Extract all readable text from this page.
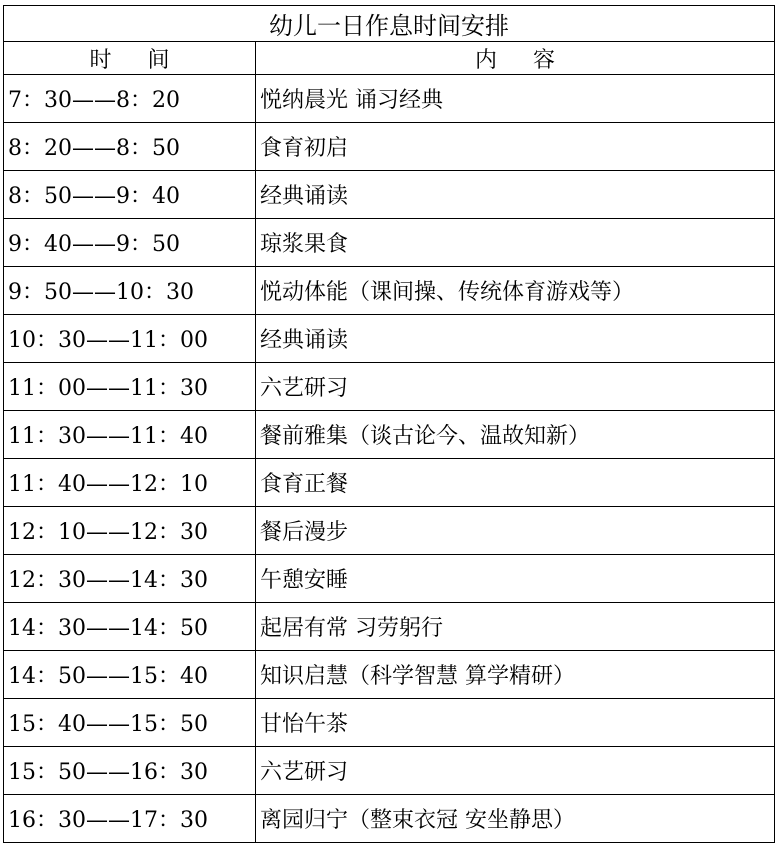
幼儿一日作息时间安排	
时间	内容
7：30——8：20	悦纳晨光 诵习经典
8：20——8：50	食育初启
8：50——9：40	经典诵读
9：40——9：50	琼浆果食
9：50——10：30	悦动体能（课间操、传统体育游戏等）
10：30——11：00	经典诵读
11：00——11：30	六艺研习
11：30——11：40	餐前雅集（谈古论今、温故知新）
11：40——12：10	食育正餐
12：10——12：30	餐后漫步
12：30——14：30	午憩安睡
14：30——14：50	起居有常 习劳躬行
14：50——15：40	知识启慧（科学智慧 算学精研）
15：40——15：50	甘怡午茶
15：50——16：30	六艺研习
16：30——17：30	离园归宁（整束衣冠 安坐静思）
